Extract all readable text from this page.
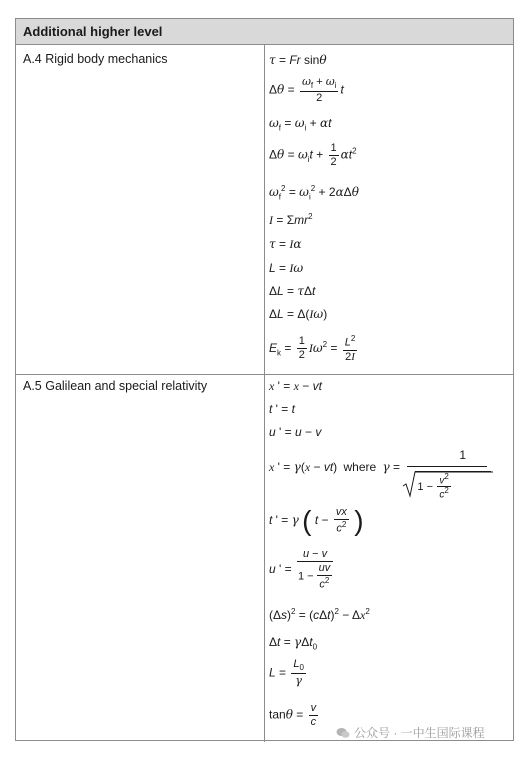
Additional higher level
A.4 Rigid body mechanics
A.5 Galilean and special relativity
τ = Fr sinθ
$\Delta\theta = \frac{\omega_f + \omega_i}{2}$ t
$\omega_f = \omega_i + \alpha t$
$\Delta\theta = \omega_it + \frac{1}{2} \alpha t^2$
$\omega_f^2 = \omega_i^2 + 2\alpha\Delta\theta$
I = Σmr$^2$
τ = Iα
L = Iω
ΔL = τΔt
ΔL = Δ(Iω)
$E_k = \frac{1}{2} I\omega^2 = \frac{L^2}{2I}$
x ' = x − vt
t ' = t
u ' = u − v
x ' = γ(x − vt) where γ =
1
1 −
$v^2$
$c^2$
t ' = γ ( $t - \frac{vx}{c^2}$ )
u ' = $\frac{u - v}{1 - \frac{uv}{c^2}}$
$(\Delta s)^2 = (c\Delta t)^2 - \Delta x^2$
Δt = γΔt$_0$
$L = \frac{L_0}{\gamma}$
$\tan\theta = \frac{v}{c}$
公众号 · 一中生国际课程
